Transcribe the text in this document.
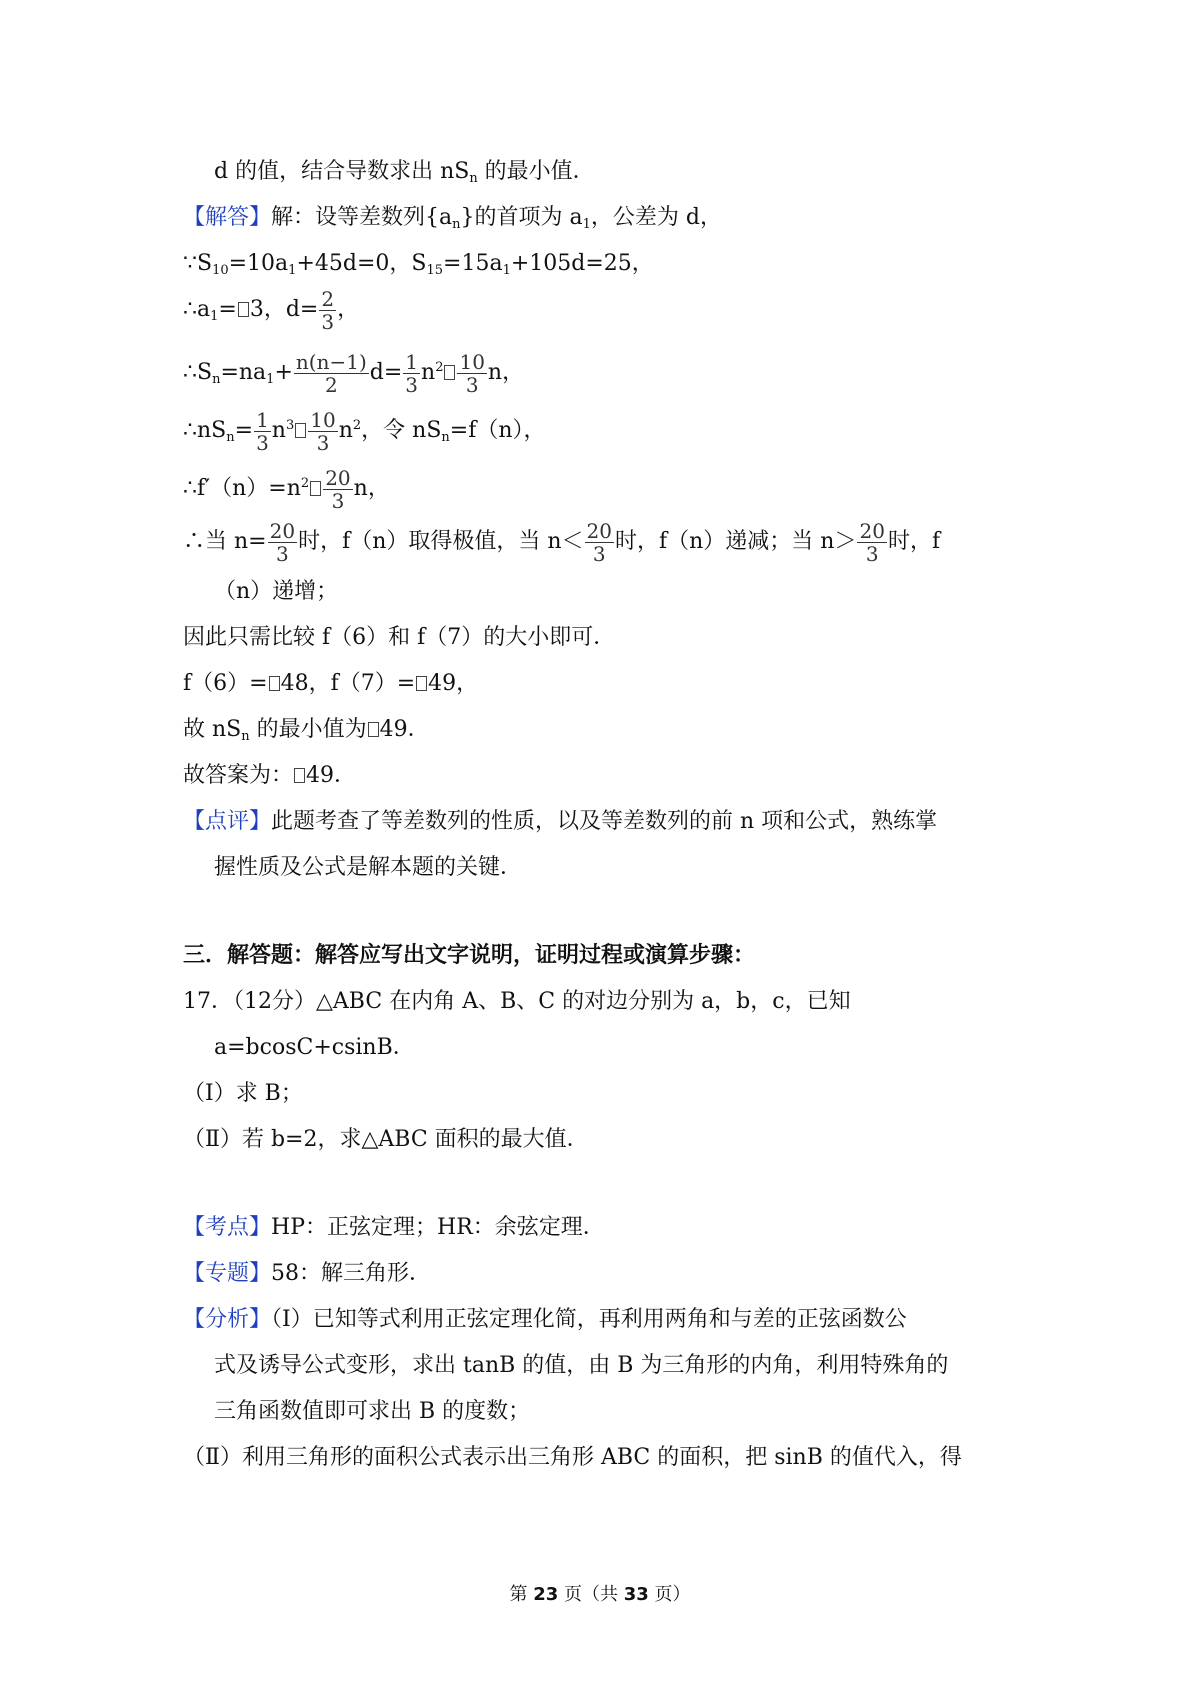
d 的值，结合导数求出 $nS_n$ 的最小值．
【解答】解：设等差数列$\{a_n\}$的首项为 $a_1$，公差为 d，
$\because S_{10}=10a_1+45d=0$，$S_{15}=15a_1+105d=25$，
$\therefore a_1= 3$，$d= \frac{2}{3}$ ，
$\therefore S_n=na_1+ \frac{n(n-1)}{2} d= \frac{1}{3} n^2 \frac{10}{3}$ n，
$\therefore nS_n= \frac{1}{3} n^3 \frac{10}{3} n^2$，令 $nS_n=f(n)$，
$\therefore f'(n)=n^2 \frac{20}{3}$ n，
∴当 $n= \frac{20}{3}$ 时，f（n）取得极值，当 $n< \frac{20}{3}$ 时，f（n）递减；当 $n> \frac{20}{3}$ 时，f
（n）递增；
因此只需比较 f（6）和 f（7）的大小即可．
f（6）= 48，f（7）= 49，
故 $nS_n$ 的最小值为 49．
故答案为： 49．
【点评】此题考查了等差数列的性质，以及等差数列的前 n 项和公式，熟练掌
握性质及公式是解本题的关键．
三．解答题：解答应写出文字说明，证明过程或演算步骤：
17．（12分）△ABC 在内角 A、B、C 的对边分别为 a，b，c，已知
a=bcosC+csinB．
（Ⅰ）求 B；
（Ⅱ）若 b=2，求△ABC 面积的最大值．
【考点】HP：正弦定理；HR：余弦定理．
【专题】58：解三角形．
【分析】（Ⅰ）已知等式利用正弦定理化简，再利用两角和与差的正弦函数公
式及诱导公式变形，求出 tanB 的值，由 B 为三角形的内角，利用特殊角的
三角函数值即可求出 B 的度数；
（Ⅱ）利用三角形的面积公式表示出三角形 ABC 的面积，把 sinB 的值代入，得
第 23 页（共 33 页）
